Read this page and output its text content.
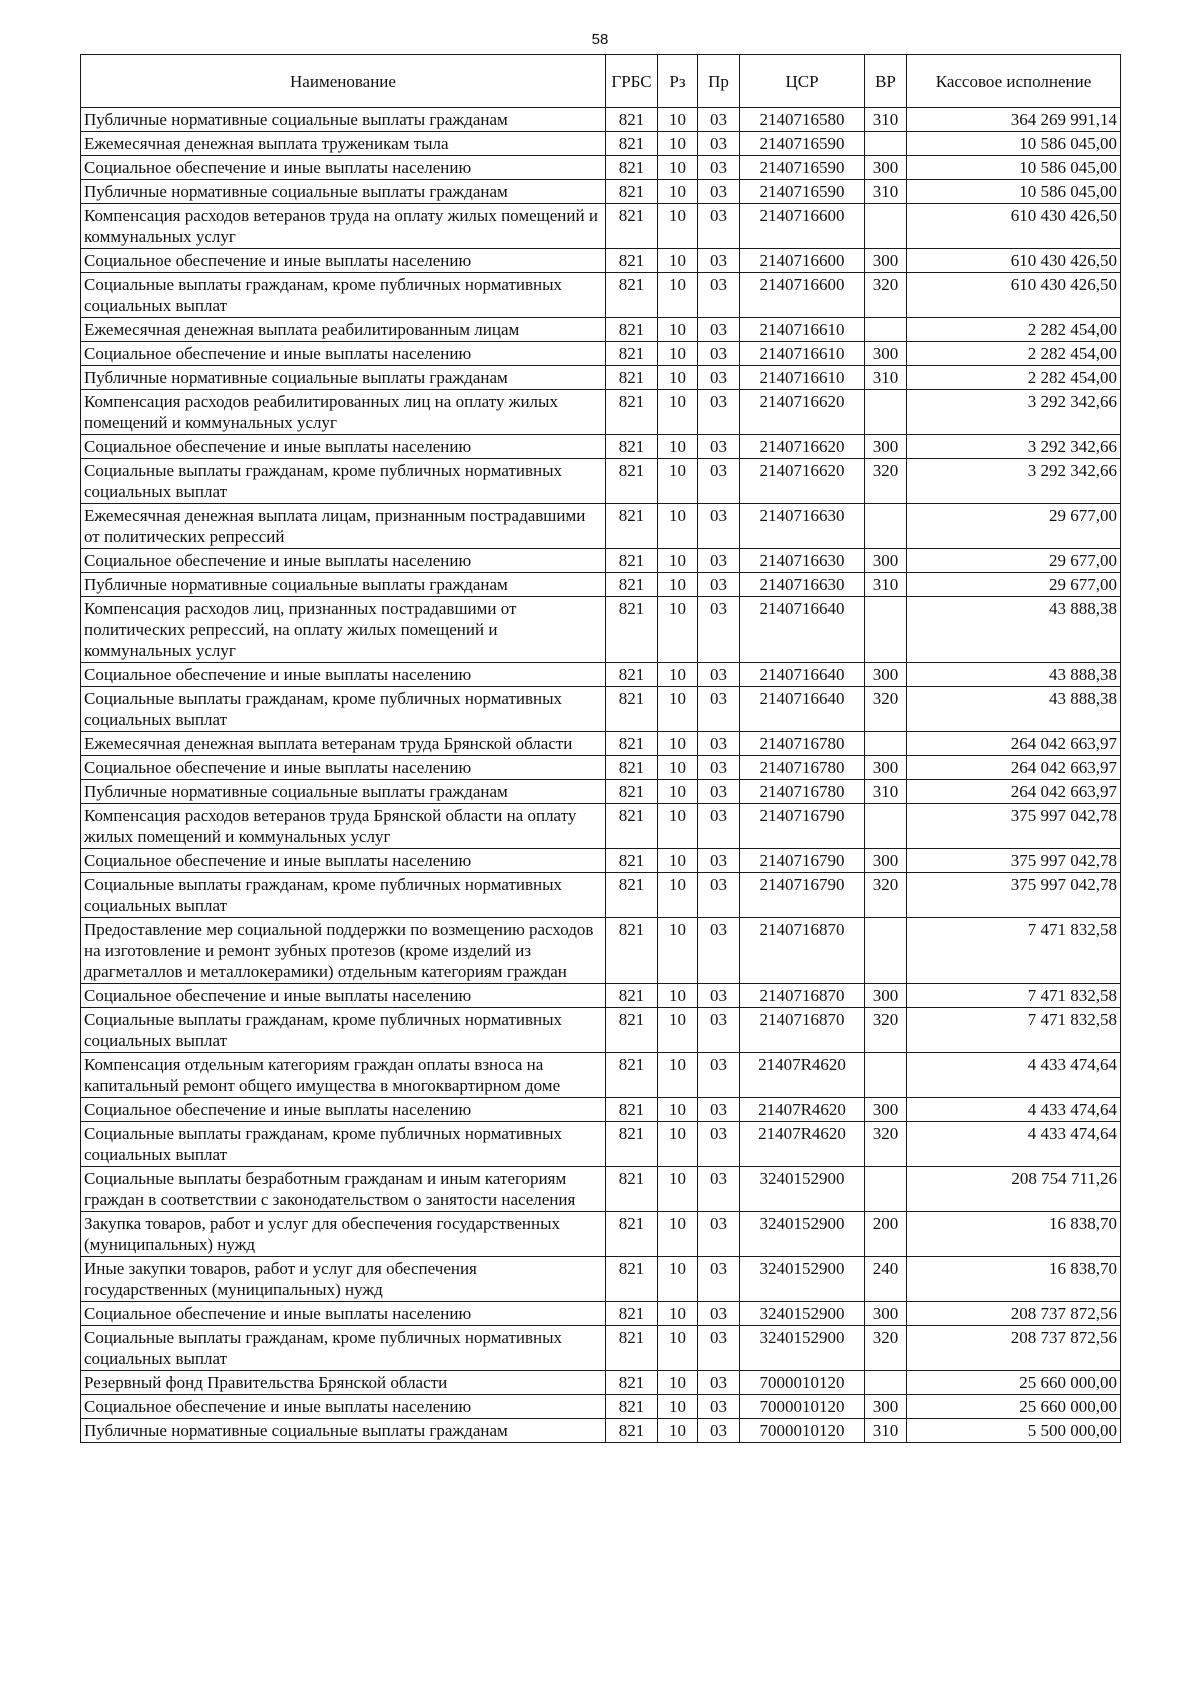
58
Наименование	ГРБС	Рз	Пр	ЦСР	ВР	Кассовое исполнение
Публичные нормативные социальные выплаты гражданам	821	10	03	2140716580	310	364 269 991,14
Ежемесячная денежная выплата труженикам тыла	821	10	03	2140716590		10 586 045,00
Социальное обеспечение и иные выплаты населению	821	10	03	2140716590	300	10 586 045,00
Публичные нормативные социальные выплаты гражданам	821	10	03	2140716590	310	10 586 045,00
Компенсация расходов ветеранов труда на оплату жилых помещений и коммунальных услуг	821	10	03	2140716600		610 430 426,50
Социальное обеспечение и иные выплаты населению	821	10	03	2140716600	300	610 430 426,50
Социальные выплаты гражданам, кроме публичных нормативных социальных выплат	821	10	03	2140716600	320	610 430 426,50
Ежемесячная денежная выплата реабилитированным лицам	821	10	03	2140716610		2 282 454,00
Социальное обеспечение и иные выплаты населению	821	10	03	2140716610	300	2 282 454,00
Публичные нормативные социальные выплаты гражданам	821	10	03	2140716610	310	2 282 454,00
Компенсация расходов реабилитированных лиц на оплату жилых помещений и коммунальных услуг	821	10	03	2140716620		3 292 342,66
Социальное обеспечение и иные выплаты населению	821	10	03	2140716620	300	3 292 342,66
Социальные выплаты гражданам, кроме публичных нормативных социальных выплат	821	10	03	2140716620	320	3 292 342,66
Ежемесячная денежная выплата лицам, признанным пострадавшими от политических репрессий	821	10	03	2140716630		29 677,00
Социальное обеспечение и иные выплаты населению	821	10	03	2140716630	300	29 677,00
Публичные нормативные социальные выплаты гражданам	821	10	03	2140716630	310	29 677,00
Компенсация расходов лиц, признанных пострадавшими от политических репрессий, на оплату жилых помещений и коммунальных услуг	821	10	03	2140716640		43 888,38
Социальное обеспечение и иные выплаты населению	821	10	03	2140716640	300	43 888,38
Социальные выплаты гражданам, кроме публичных нормативных социальных выплат	821	10	03	2140716640	320	43 888,38
Ежемесячная денежная выплата ветеранам труда Брянской области	821	10	03	2140716780		264 042 663,97
Социальное обеспечение и иные выплаты населению	821	10	03	2140716780	300	264 042 663,97
Публичные нормативные социальные выплаты гражданам	821	10	03	2140716780	310	264 042 663,97
Компенсация расходов ветеранов труда Брянской области на оплату жилых помещений и коммунальных услуг	821	10	03	2140716790		375 997 042,78
Социальное обеспечение и иные выплаты населению	821	10	03	2140716790	300	375 997 042,78
Социальные выплаты гражданам, кроме публичных нормативных социальных выплат	821	10	03	2140716790	320	375 997 042,78
Предоставление мер социальной поддержки по возмещению расходов на изготовление и ремонт зубных протезов (кроме изделий из драгметаллов и металлокерамики) отдельным категориям граждан	821	10	03	2140716870		7 471 832,58
Социальное обеспечение и иные выплаты населению	821	10	03	2140716870	300	7 471 832,58
Социальные выплаты гражданам, кроме публичных нормативных социальных выплат	821	10	03	2140716870	320	7 471 832,58
Компенсация отдельным категориям граждан оплаты взноса на капитальный ремонт общего имущества в многоквартирном доме	821	10	03	21407R4620		4 433 474,64
Социальное обеспечение и иные выплаты населению	821	10	03	21407R4620	300	4 433 474,64
Социальные выплаты гражданам, кроме публичных нормативных социальных выплат	821	10	03	21407R4620	320	4 433 474,64
Социальные выплаты безработным гражданам и иным категориям граждан в соответствии с законодательством о занятости населения	821	10	03	3240152900		208 754 711,26
Закупка товаров, работ и услуг для обеспечения государственных (муниципальных) нужд	821	10	03	3240152900	200	16 838,70
Иные закупки товаров, работ и услуг для обеспечения государственных (муниципальных) нужд	821	10	03	3240152900	240	16 838,70
Социальное обеспечение и иные выплаты населению	821	10	03	3240152900	300	208 737 872,56
Социальные выплаты гражданам, кроме публичных нормативных социальных выплат	821	10	03	3240152900	320	208 737 872,56
Резервный фонд Правительства Брянской области	821	10	03	7000010120		25 660 000,00
Социальное обеспечение и иные выплаты населению	821	10	03	7000010120	300	25 660 000,00
Публичные нормативные социальные выплаты гражданам	821	10	03	7000010120	310	5 500 000,00
